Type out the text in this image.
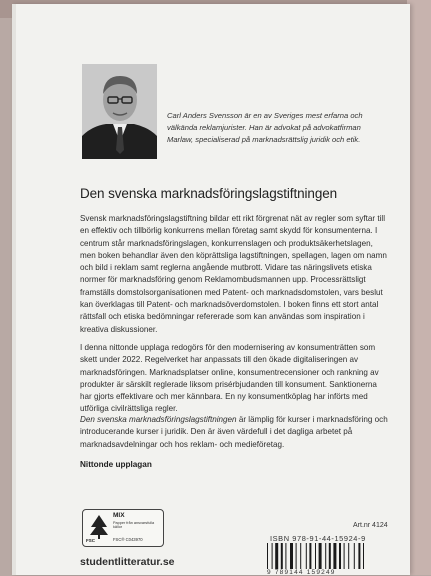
Carl Anders Svensson är en av Sveriges mest erfarna och välkända reklamjurister. Han är advokat på advokatfirman Marlaw, specialiserad på marknadsrättslig juridik och etik.
Den svenska marknadsföringslagstiftningen
Svensk marknadsföringslagstiftning bildar ett rikt förgrenat nät av regler som syftar till en effektiv och tillbörlig konkurrens mellan företag samt skydd för konsumenterna. I centrum står marknadsföringslagen, konkurrenslagen och produktsäkerhetslagen, men boken behandlar även den köprättsliga lagstiftningen, spellagen, lagen om namn och bild i reklam samt reglerna angående mutbrott. Vidare tas näringslivets etiska normer för marknadsföring genom Reklamombudsmannen upp. Processrättsligt framställs domstolsorganisationen med Patent- och marknadsdomstolen, vars beslut kan överklagas till Patent- och marknadsöverdomstolen. I boken finns ett stort antal rättsfall och etiska bedömningar refererade som kan användas som inspiration i kreativa diskussioner.
I denna nittonde upplaga redogörs för den modernisering av konsumenträtten som skett under 2022. Regelverket har anpassats till den ökade digitaliseringen av marknadsföringen. Marknadsplatser online, konsumentrecensioner och rankning av produkter är särskilt reglerade liksom prisérbjudanden till konsument. Sanktionerna har gjorts effektivare och mer kännbara. En ny konsumentköplag har införts med utförliga civilrättsliga regler.
Den svenska marknadsföringslagstiftningen är lämplig för kurser i marknadsföring och introducerande kurser i juridik. Den är även värdefull i det dagliga arbetet på marknadsavdelningar och hos reklam- och medieföretag.
Nittonde upplagan
MIX
Papper från ansvarsfulla källor
FSC® C043970
FSC
studentlitteratur.se
Art.nr 4124
ISBN 978-91-44-15924-9
9 789144 159249
